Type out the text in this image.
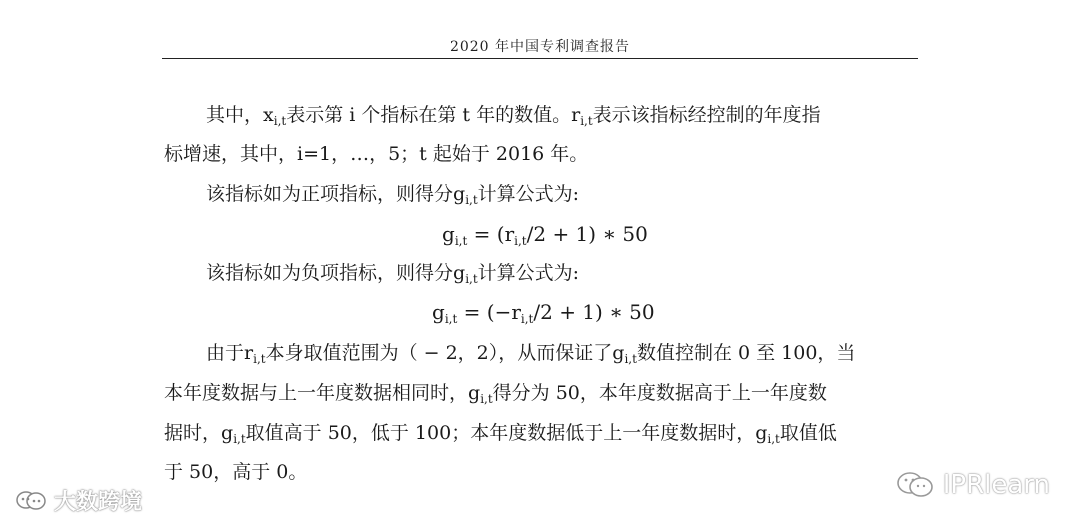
2020 年中国专利调查报告
其中，$x_{i,t}$表示第 i 个指标在第 t 年的数值。$r_{i,t}$表示该指标经控制的年度指
标增速，其中，i=1，…，5；t 起始于 2016 年。
该指标如为正项指标，则得分$g_{i,t}$计算公式为:
$g_{i,t} = (r_{i,t}/2 + 1)$ ∗ 50
该指标如为负项指标，则得分$g_{i,t}$计算公式为:
$g_{i,t} = (-r_{i,t}/2 + 1)$ ∗ 50
由于$r_{i,t}$本身取值范围为（ − 2，2），从而保证了$g_{i,t}$数值控制在 0 至 100，当
本年度数据与上一年度数据相同时，$g_{i,t}$得分为 50，本年度数据高于上一年度数
据时，$g_{i,t}$取值高于 50，低于 100；本年度数据低于上一年度数据时，$g_{i,t}$取值低
于 50，高于 0。
大数跨境
IPRlearn
